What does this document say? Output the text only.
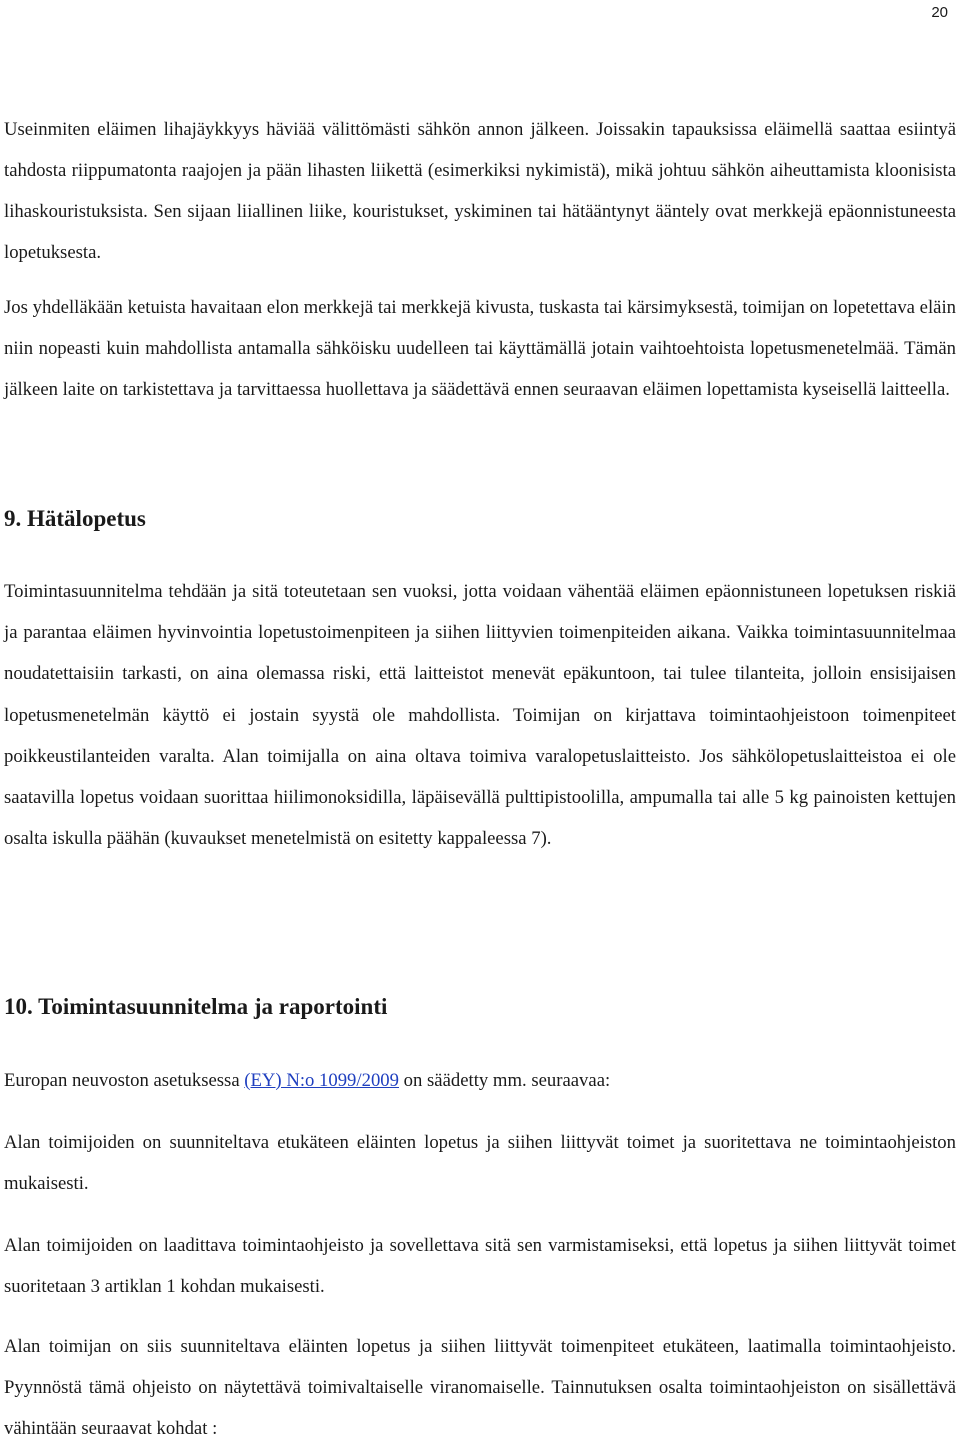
20

Useinmiten eläimen lihajäykkyys häviää välittömästi sähkön annon jälkeen. Joissakin tapauksissa eläimellä saattaa esiintyä tahdosta riippumatonta raajojen ja pään lihasten liikettä (esimerkiksi nykimistä), mikä johtuu sähkön aiheuttamista kloonisista lihaskouristuksista. Sen sijaan liiallinen liike, kouristukset, yskiminen tai hätääntynyt ääntely ovat merkkejä epäonnistuneesta lopetuksesta.

Jos yhdelläkään ketuista havaitaan elon merkkejä tai merkkejä kivusta, tuskasta tai kärsimyksestä, toimijan on lopetettava eläin niin nopeasti kuin mahdollista antamalla sähköisku uudelleen tai käyttämällä jotain vaihtoehtoista lopetusmenetelmää. Tämän jälkeen laite on tarkistettava ja tarvittaessa huollettava ja säädettävä ennen seuraavan eläimen lopettamista kyseisellä laitteella.

9. Hätälopetus

Toimintasuunnitelma tehdään ja sitä toteutetaan sen vuoksi, jotta voidaan vähentää eläimen epäonnistuneen lopetuksen riskiä ja parantaa eläimen hyvinvointia lopetustoimenpiteen ja siihen liittyvien toimenpiteiden aikana. Vaikka toimintasuunnitelmaa noudatettaisiin tarkasti, on aina olemassa riski, että laitteistot menevät epäkuntoon, tai tulee tilanteita, jolloin ensisijaisen lopetusmenetelmän käyttö ei jostain syystä ole mahdollista. Toimijan on kirjattava toimintaohjeistoon toimenpiteet poikkeustilanteiden varalta. Alan toimijalla on aina oltava toimiva varalopetuslaitteisto. Jos sähkölopetuslaitteistoa ei ole saatavilla lopetus voidaan suorittaa hiilimonoksidilla, läpäisevällä pulttipistoolilla, ampumalla tai alle 5 kg painoisten kettujen osalta iskulla päähän (kuvaukset menetelmistä on esitetty kappaleessa 7).

10. Toimintasuunnitelma ja raportointi

Europan neuvoston asetuksessa (EY) N:o 1099/2009 on säädetty mm. seuraavaa:

Alan toimijoiden on suunniteltava etukäteen eläinten lopetus ja siihen liittyvät toimet ja suoritettava ne toimintaohjeiston mukaisesti.

Alan toimijoiden on laadittava toimintaohjeisto ja sovellettava sitä sen varmistamiseksi, että lopetus ja siihen liittyvät toimet suoritetaan 3 artiklan 1 kohdan mukaisesti.

Alan toimijan on siis suunniteltava eläinten lopetus ja siihen liittyvät toimenpiteet etukäteen, laatimalla toimintaohjeisto. Pyynnöstä tämä ohjeisto on näytettävä toimivaltaiselle viranomaiselle. Tainnutuksen osalta toimintaohjeiston on sisällettävä vähintään seuraavat kohdat :
